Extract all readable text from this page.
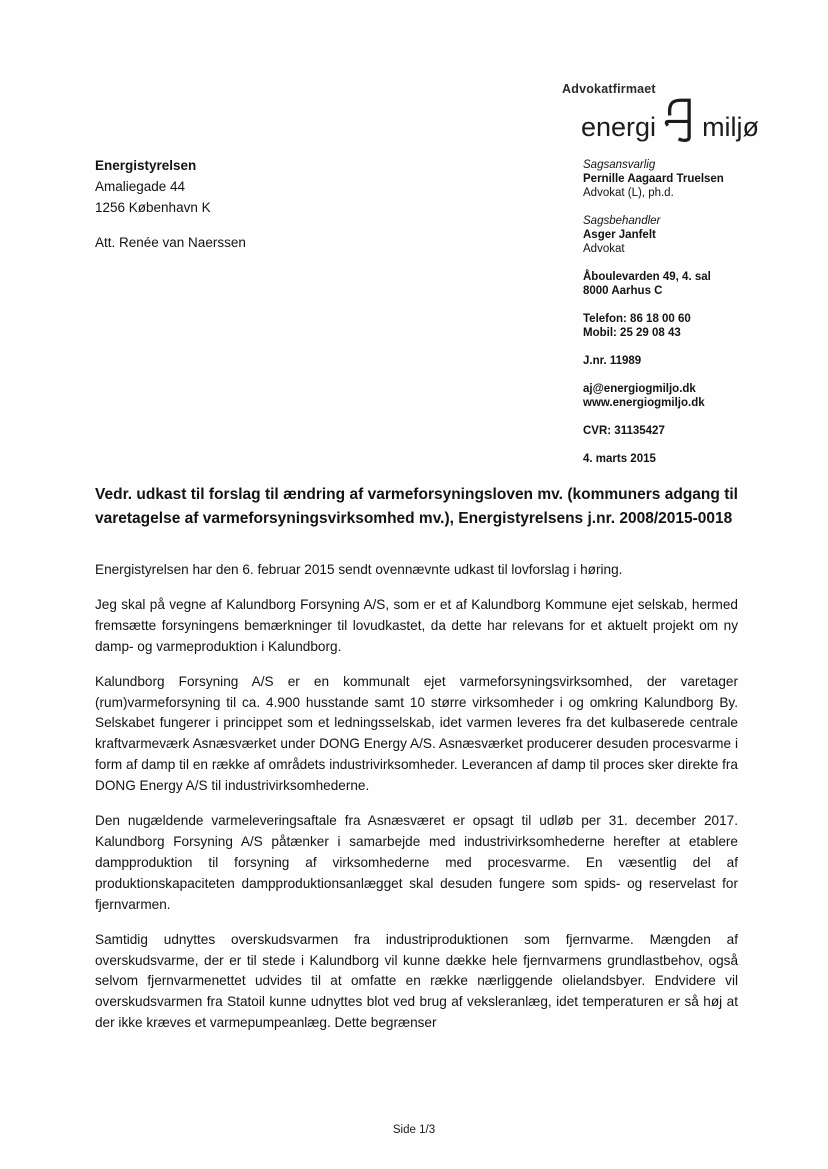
Advokatfirmaet
energi miljø
Energistyrelsen
Amaliegade 44
1256 København K
Att. Renée van Naerssen
Sagsansvarlig
Pernille Aagaard Truelsen
Advokat (L), ph.d.
Sagsbehandler
Asger Janfelt
Advokat
Åboulevarden 49, 4. sal
8000 Aarhus C
Telefon: 86 18 00 60
Mobil: 25 29 08 43
J.nr. 11989
aj@energiogmiljo.dk
www.energiogmiljo.dk
CVR: 31135427
4. marts 2015
Vedr. udkast til forslag til ændring af varmeforsyningsloven mv. (kommuners adgang til varetagelse af varmeforsyningsvirksomhed mv.), Energistyrelsens j.nr. 2008/2015-0018

Energistyrelsen har den 6. februar 2015 sendt ovennævnte udkast til lovforslag i høring.

Jeg skal på vegne af Kalundborg Forsyning A/S, som er et af Kalundborg Kommune ejet selskab, hermed fremsætte forsyningens bemærkninger til lovudkastet, da dette har relevans for et aktuelt projekt om ny damp- og varmeproduktion i Kalundborg.

Kalundborg Forsyning A/S er en kommunalt ejet varmeforsyningsvirksomhed, der varetager (rum)varmeforsyning til ca. 4.900 husstande samt 10 større virksomheder i og omkring Kalundborg By. Selskabet fungerer i princippet som et ledningsselskab, idet varmen leveres fra det kulbaserede centrale kraftvarmeværk Asnæsværket under DONG Energy A/S. Asnæsværket producerer desuden procesvarme i form af damp til en række af områdets industrivirksomheder. Leverancen af damp til proces sker direkte fra DONG Energy A/S til industrivirksomhederne.

Den nugældende varmeleveringsaftale fra Asnæsværet er opsagt til udløb per 31. december 2017. Kalundborg Forsyning A/S påtænker i samarbejde med industrivirksomhederne herefter at etablere dampproduktion til forsyning af virksomhederne med procesvarme. En væsentlig del af produktionskapaciteten dampproduktionsanlægget skal desuden fungere som spids- og reservelast for fjernvarmen.

Samtidig udnyttes overskudsvarmen fra industriproduktionen som fjernvarme. Mængden af overskudsvarme, der er til stede i Kalundborg vil kunne dække hele fjernvarmens grundlastbehov, også selvom fjernvarmenettet udvides til at omfatte en række nærliggende olielandsbyer. Endvidere vil overskudsvarmen fra Statoil kunne udnyttes blot ved brug af veksleranlæg, idet temperaturen er så høj at der ikke kræves et varmepumpeanlæg. Dette begrænser

Side 1/3
